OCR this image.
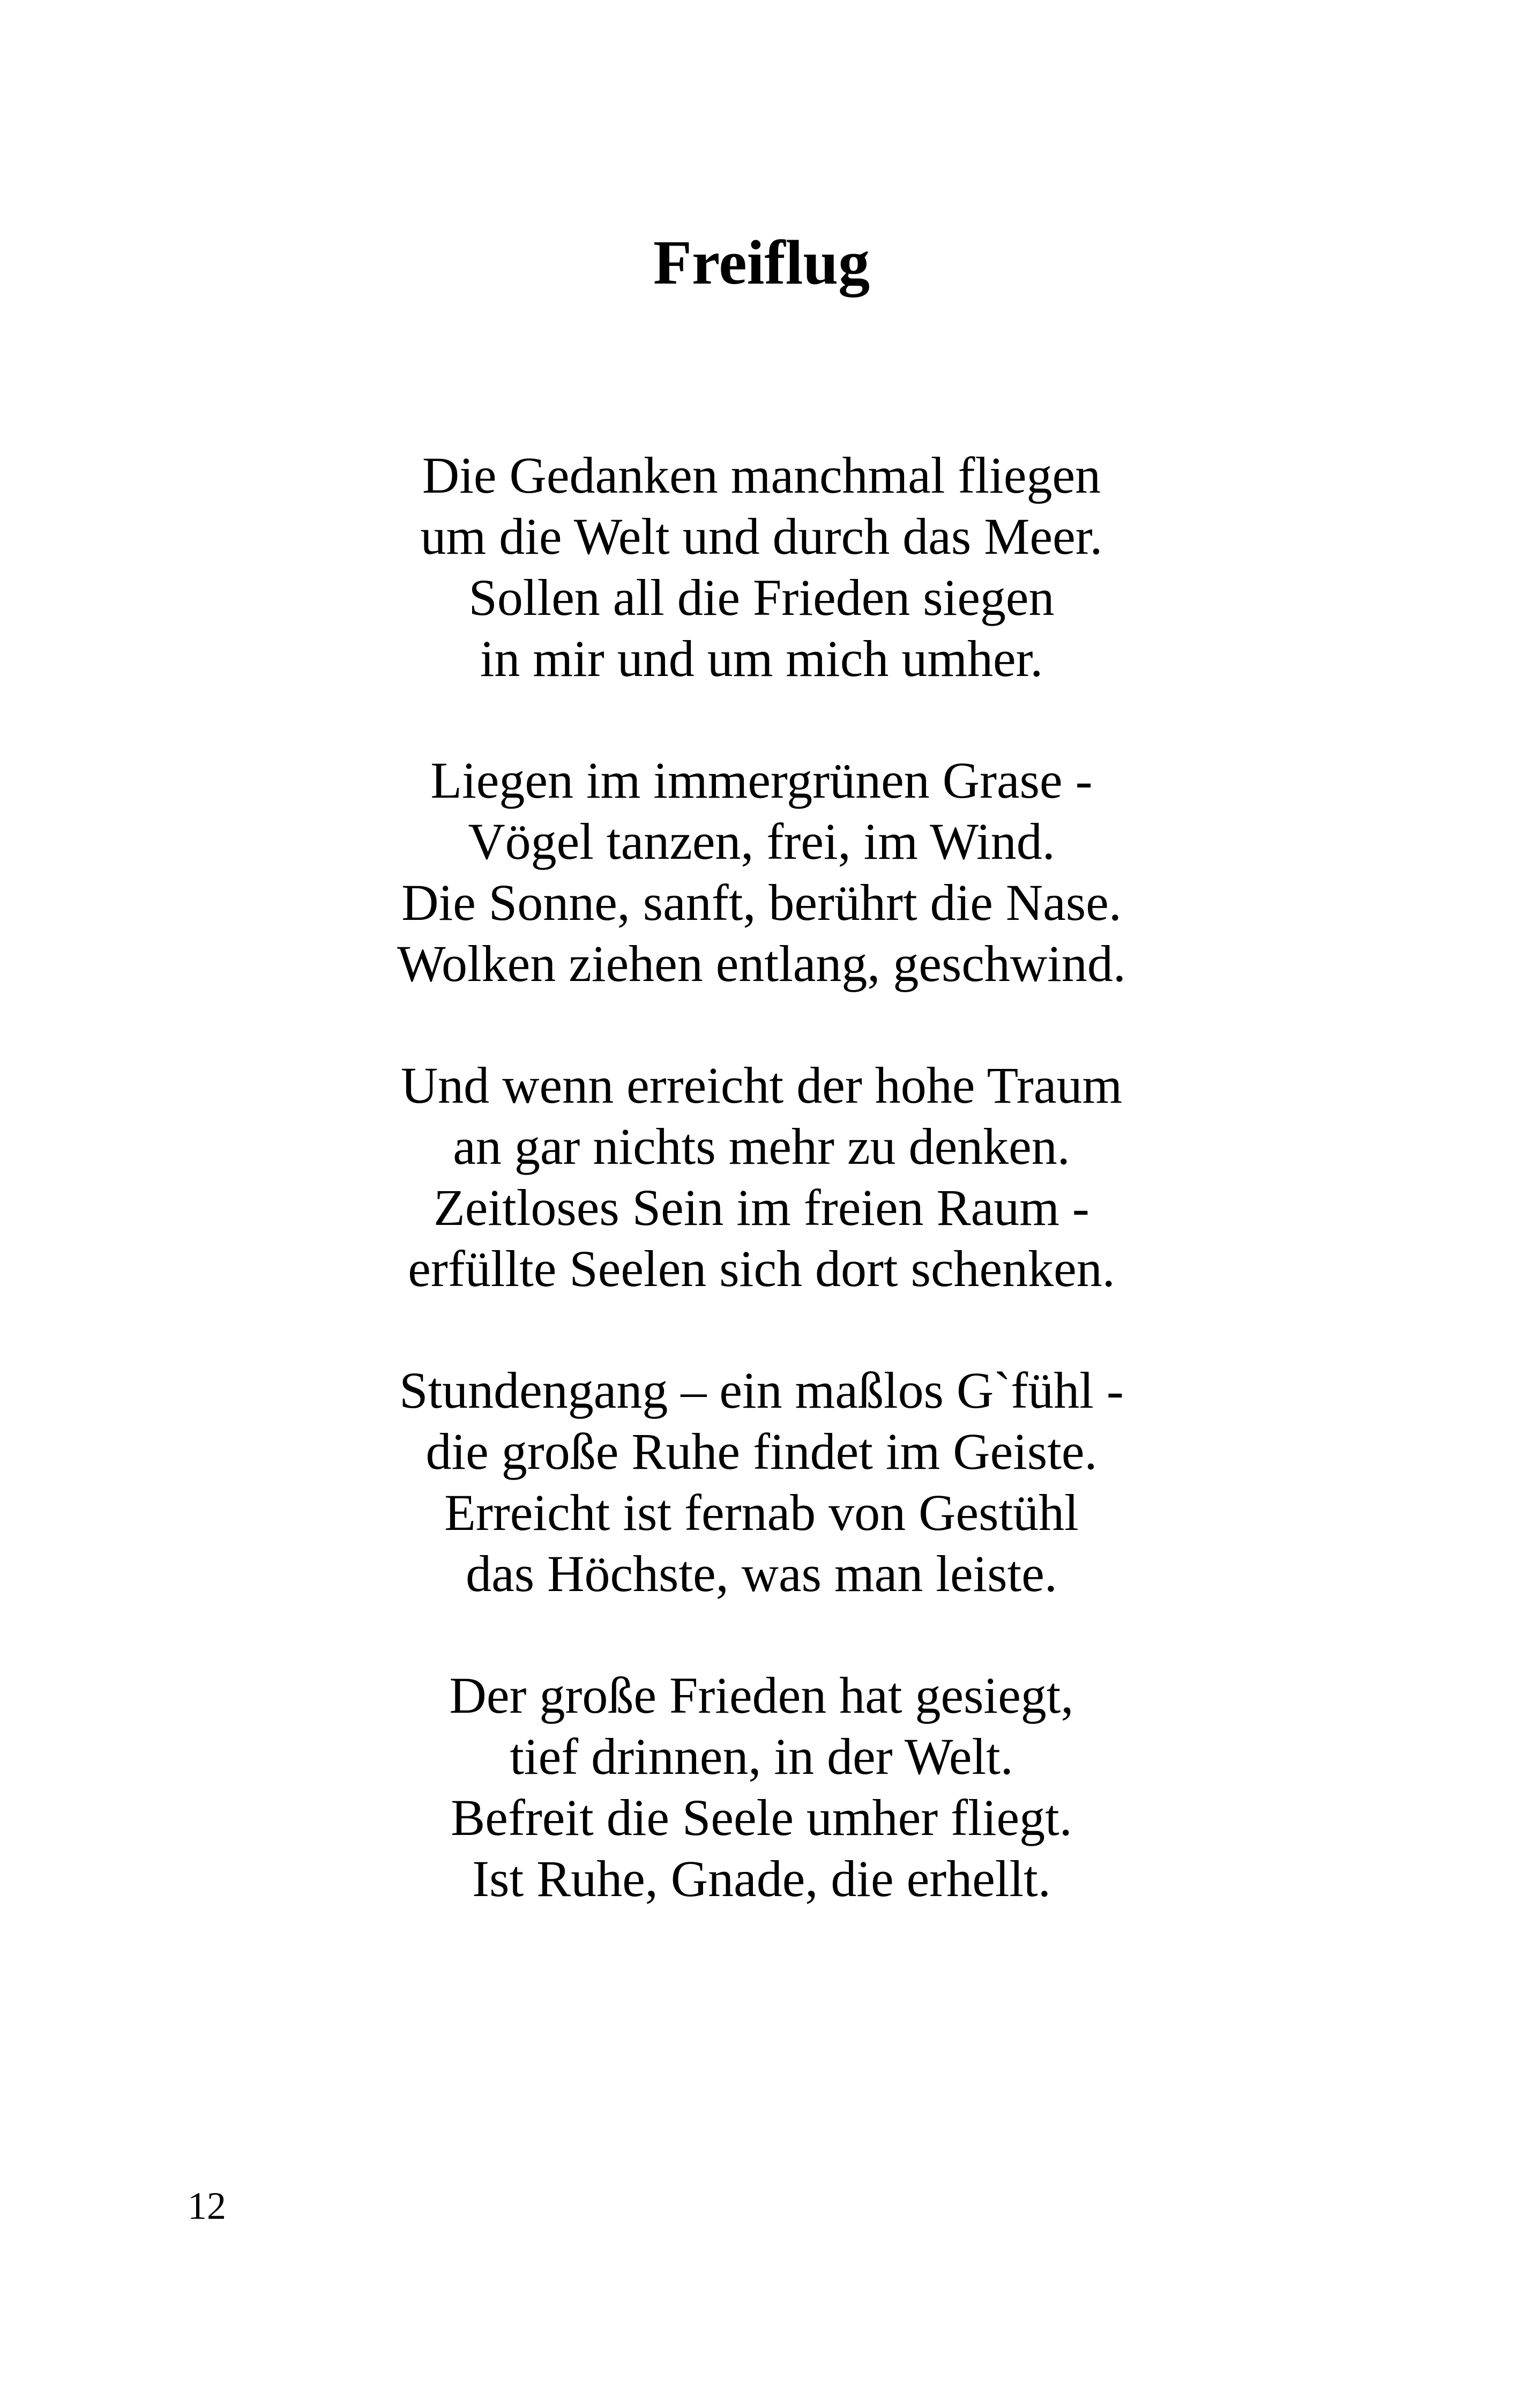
Freiflug
Die Gedanken manchmal fliegen
um die Welt und durch das Meer.
Sollen all die Frieden siegen
in mir und um mich umher.
Liegen im immergrünen Grase -
Vögel tanzen, frei, im Wind.
Die Sonne, sanft, berührt die Nase.
Wolken ziehen entlang, geschwind.
Und wenn erreicht der hohe Traum
an gar nichts mehr zu denken.
Zeitloses Sein im freien Raum -
erfüllte Seelen sich dort schenken.
Stundengang – ein maßlos G`fühl -
die große Ruhe findet im Geiste.
Erreicht ist fernab von Gestühl
das Höchste, was man leiste.
Der große Frieden hat gesiegt,
tief drinnen, in der Welt.
Befreit die Seele umher fliegt.
Ist Ruhe, Gnade, die erhellt.
12
